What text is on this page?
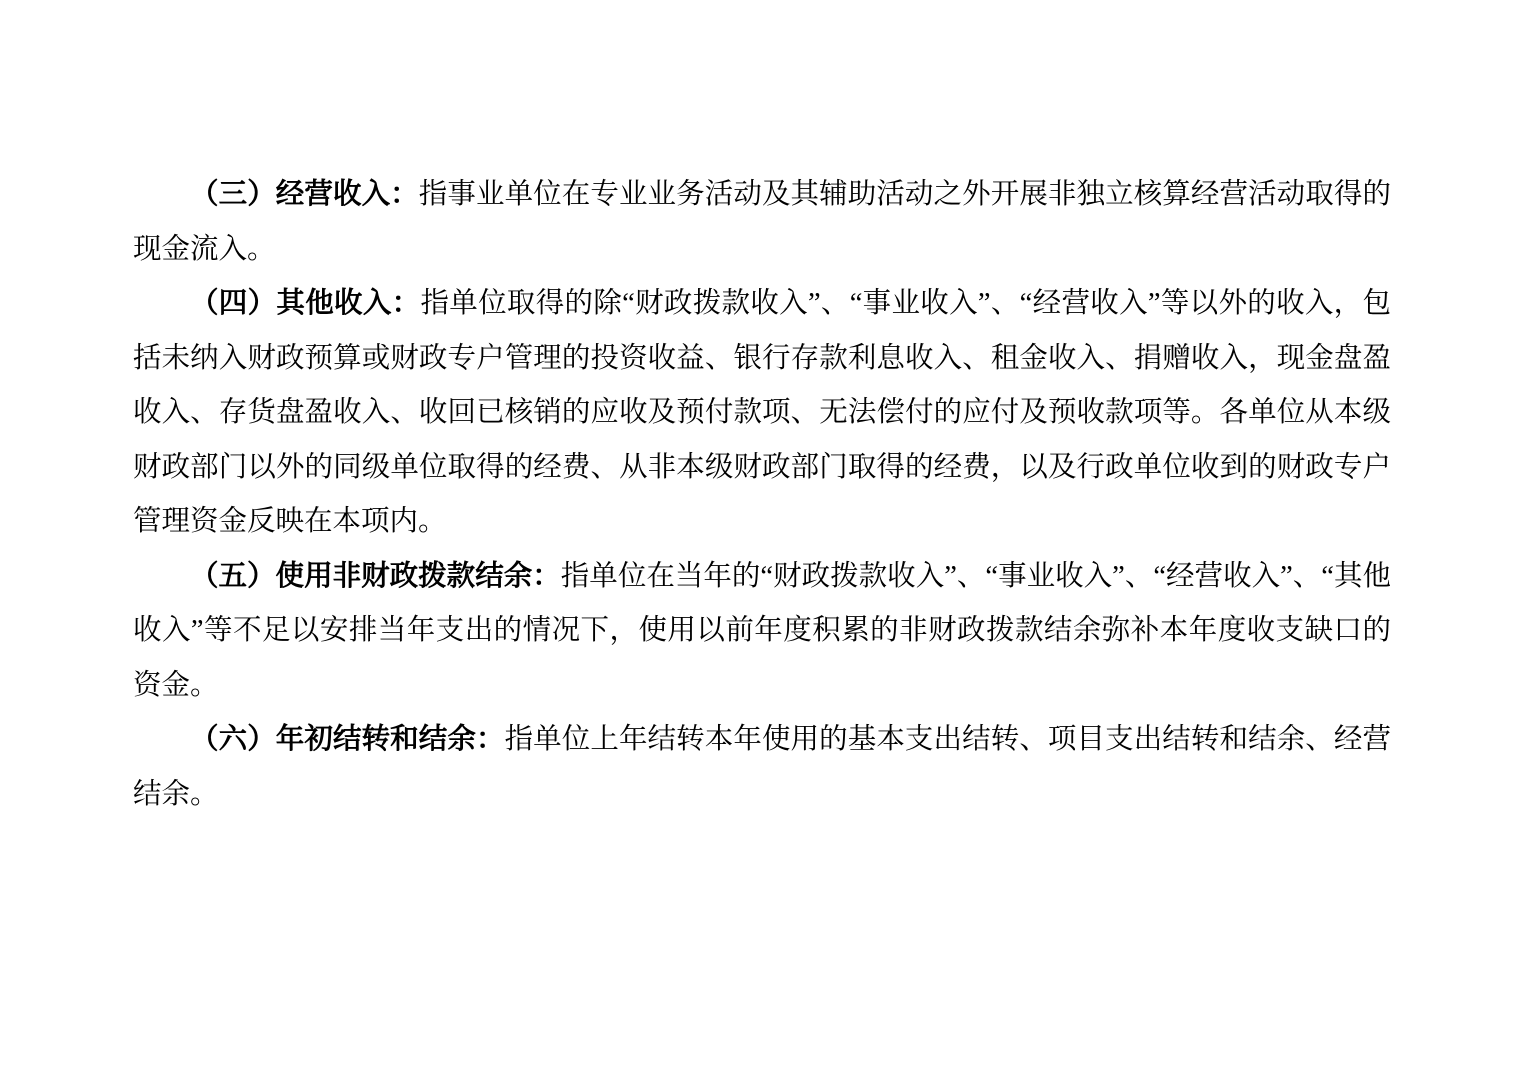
（三）经营收入：指事业单位在专业业务活动及其辅助活动之外开展非独立核算经营活动取得的现金流入。

（四）其他收入：指单位取得的除“财政拨款收入”、“事业收入”、“经营收入”等以外的收入，包括未纳入财政预算或财政专户管理的投资收益、银行存款利息收入、租金收入、捐赠收入，现金盘盈收入、存货盘盈收入、收回已核销的应收及预付款项、无法偿付的应付及预收款项等。各单位从本级财政部门以外的同级单位取得的经费、从非本级财政部门取得的经费，以及行政单位收到的财政专户管理资金反映在本项内。

（五）使用非财政拨款结余：指单位在当年的“财政拨款收入”、“事业收入”、“经营收入”、“其他收入”等不足以安排当年支出的情况下，使用以前年度积累的非财政拨款结余弥补本年度收支缺口的资金。

（六）年初结转和结余：指单位上年结转本年使用的基本支出结转、项目支出结转和结余、经营结余。
